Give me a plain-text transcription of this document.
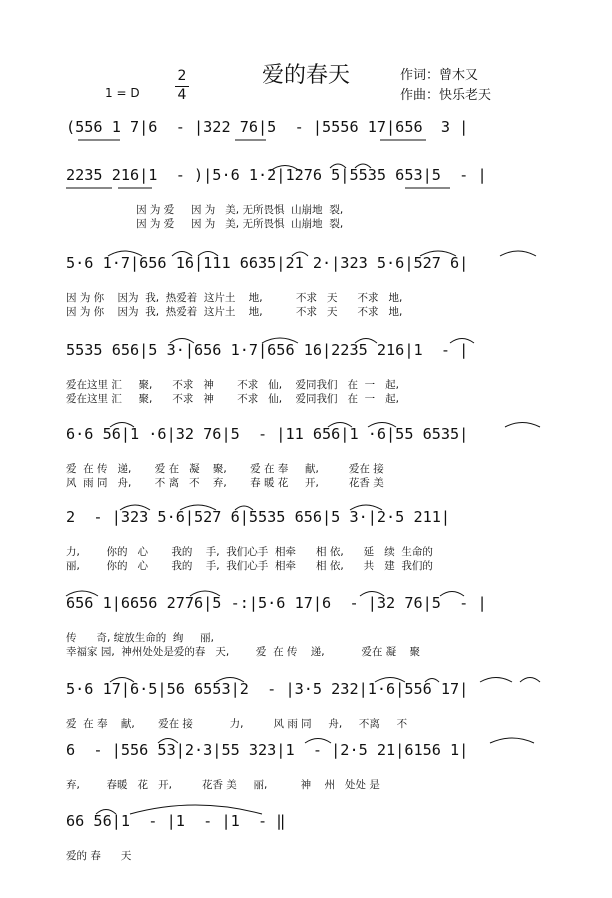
爱的春天	作词：曾木又
作曲：快乐老天
1 = D
2
4
(556 1 7|6  - |322 76|5  - |5556 17|656  3 |
2235 216|1  - )|5·6 1·2|1276 5|5535 653|5  - |
因 为 爱     因 为   美, 无所畏惧  山崩地  裂,
因 为 爱     因 为   美, 无所畏惧  山崩地  裂,
5·6 1·7|656 16|111 6635|21 2·|323 5·6|527 6|
因 为 你    因为  我,  热爱着  这片土    地,          不求   天      不求   地,
因 为 你    因为  我,  热爱着  这片土    地,          不求   天      不求   地,
5535 656|5 3·|656 1·7|656 16|2235 216|1  - |
爱在这里 汇     聚,      不求   神       不求   仙,    爱同我们   在  一   起,
爱在这里 汇     聚,      不求   神       不求   仙,    爱同我们   在  一   起,
6·6 56|1 ·6|32 76|5  - |11 656|1 ·6|55 6535|
爱  在 传   递,       爱 在   凝    聚,       爱 在 奉     献,         爱在 接
风  雨 同   舟,       不 离   不    弃,       春 暖 花     开,         花香 美
2  - |323 5·6|527 6|5535 656|5 3·|2·5 211|
力,        你的   心       我的    手,  我们心手  相牵      相 依,      延   续  生命的
丽,        你的   心       我的    手,  我们心手  相牵      相 依,      共   建  我们的
656 1|6656 2776|5 -:|5·6 17|6  - |32 76|5  - |
传      奇, 绽放生命的  绚     丽,
幸福家 园,  神州处处是爱的春   天,        爱  在 传    递,           爱在 凝    聚
5·6 17|6·5|56 6553|2  - |3·5 232|1·6|556 17|
爱  在 奉    献,       爱在 接           力,         风 雨 同     舟,     不离     不
6  - |556 53|2·3|55 323|1  - |2·5 21|6156 1|
弃,        春暖   花   开,         花香 美     丽,          神    州   处处 是
66 56|1  - |1  - |1  - ‖
爱的 春      天
